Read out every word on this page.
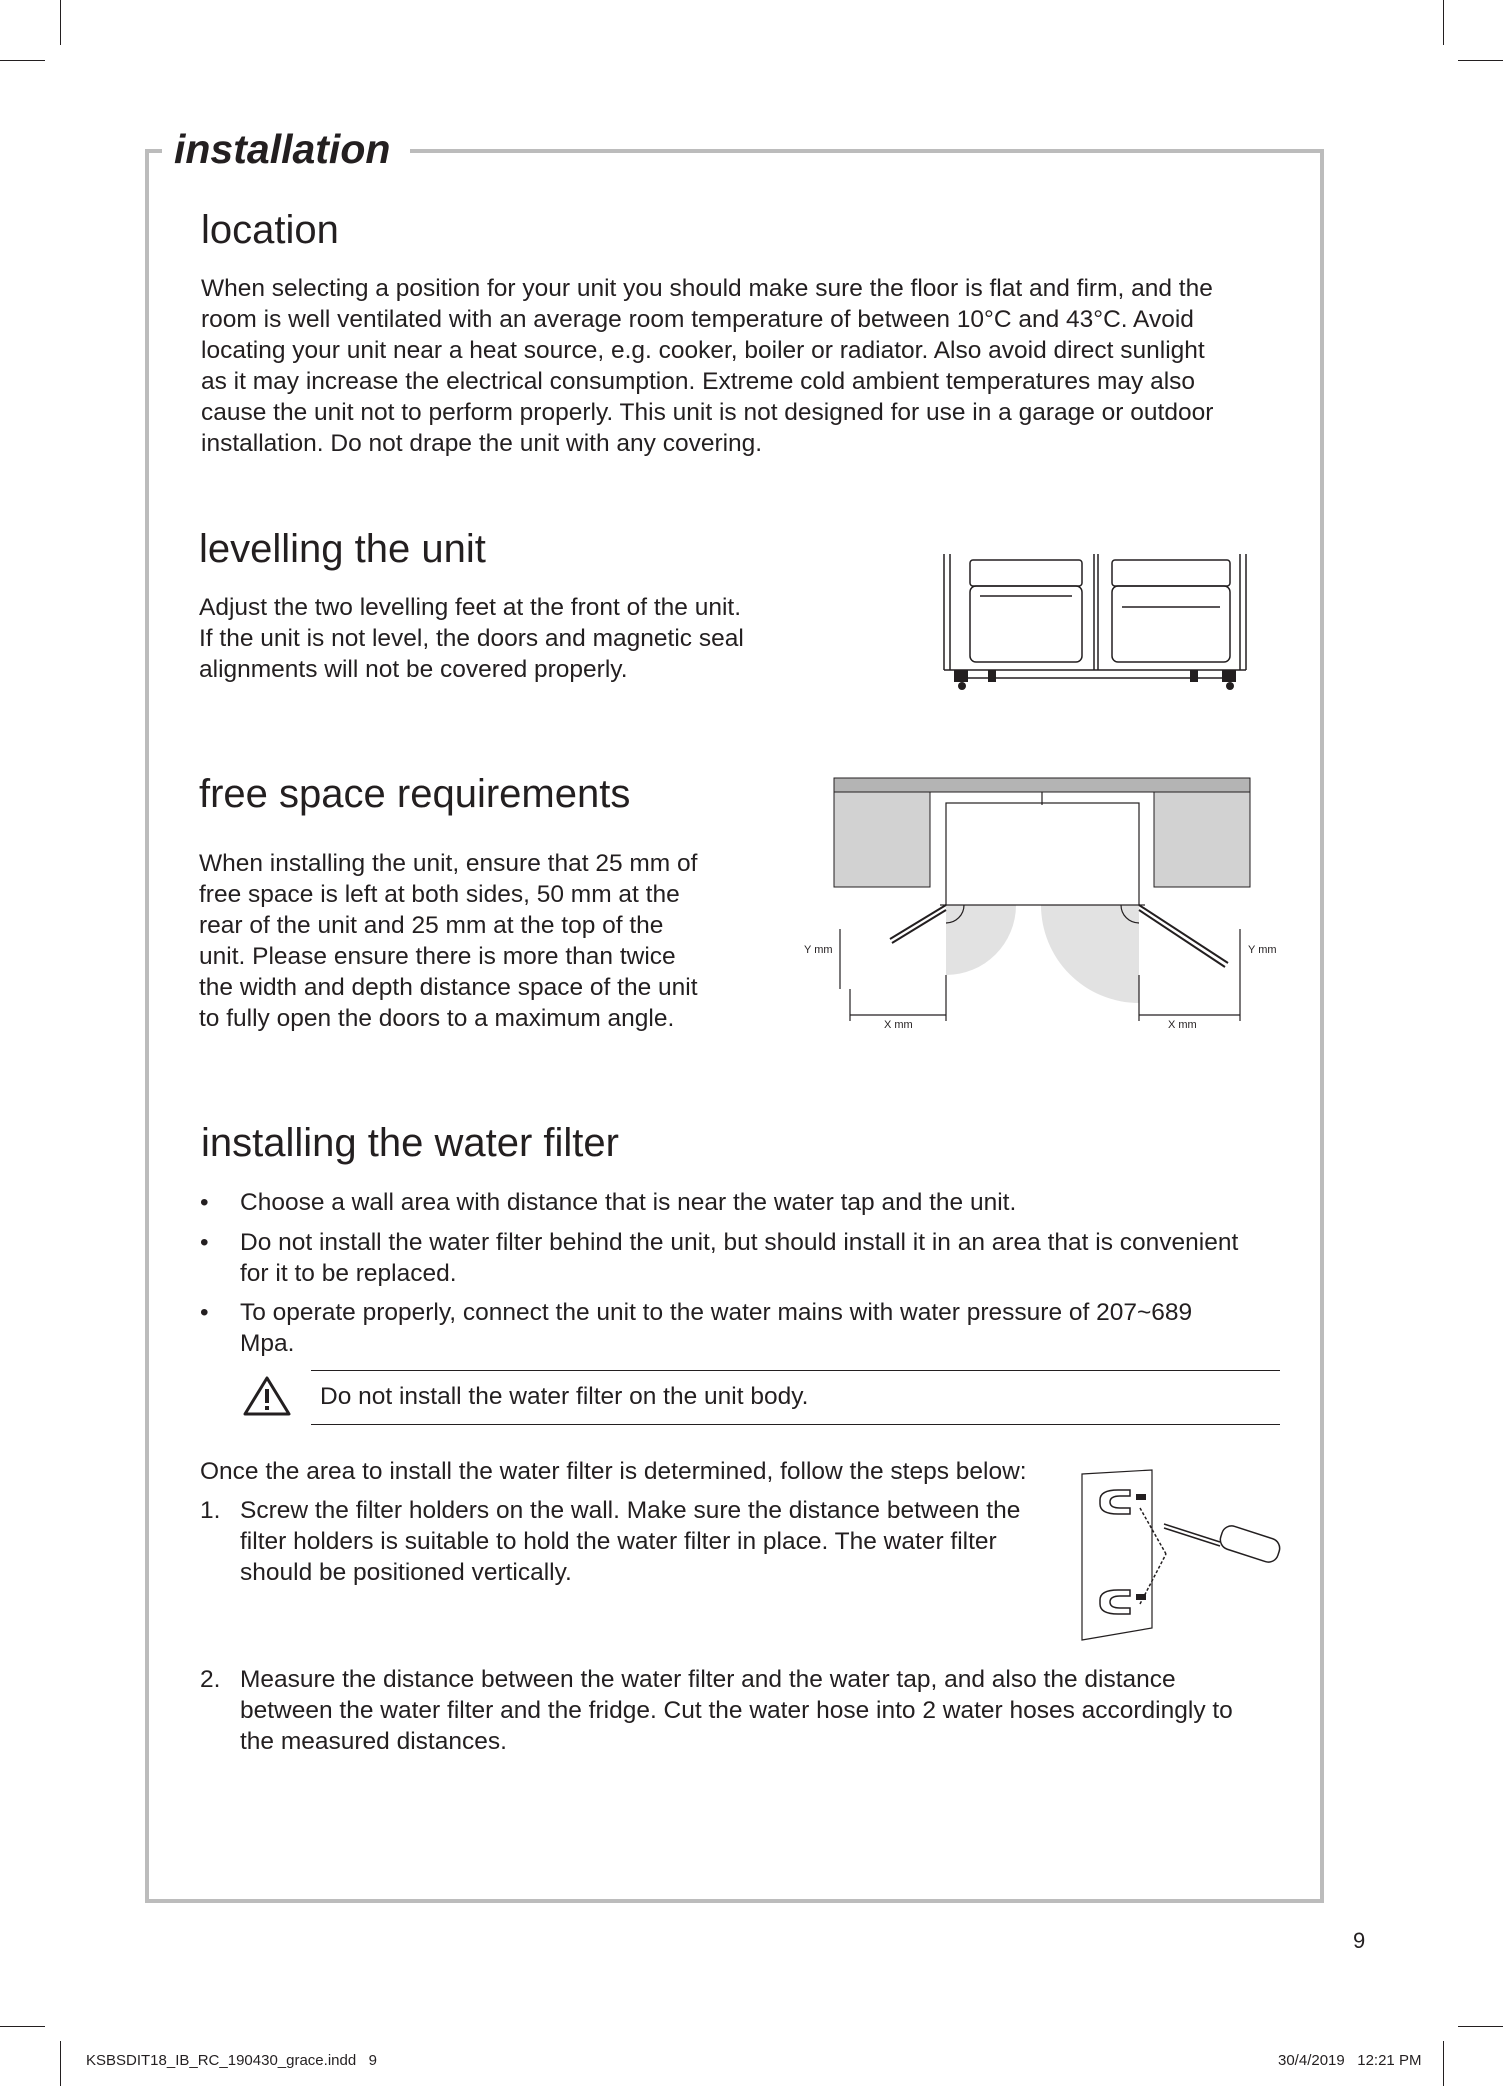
installation
location
When selecting a position for your unit you should make sure the floor is flat and firm, and the
room is well ventilated with an average room temperature of between 10°C and 43°C. Avoid
locating your unit near a heat source, e.g. cooker, boiler or radiator. Also avoid direct sunlight
as it may increase the electrical consumption. Extreme cold ambient temperatures may also
cause the unit not to perform properly. This unit is not designed for use in a garage or outdoor
installation. Do not drape the unit with any covering.
levelling the unit
Adjust the two levelling feet at the front of the unit.
If the unit is not level, the doors and magnetic seal
alignments will not be covered properly.
free space requirements
When installing the unit, ensure that 25 mm of
free space is left at both sides, 50 mm at the
rear of the unit and 25 mm at the top of the
unit. Please ensure there is more than twice
the width and depth distance space of the unit
to fully open the doors to a maximum angle.
Y mm	Y mm
X mm	X mm
installing the water filter
• Choose a wall area with distance that is near the water tap and the unit.
• Do not install the water filter behind the unit, but should install it in an area that is convenient
for it to be replaced.
• To operate properly, connect the unit to the water mains with water pressure of 207~689
Mpa.
Do not install the water filter on the unit body.
Once the area to install the water filter is determined, follow the steps below:
1. Screw the filter holders on the wall. Make sure the distance between the
filter holders is suitable to hold the water filter in place. The water filter
should be positioned vertically.
2. Measure the distance between the water filter and the water tap, and also the distance
between the water filter and the fridge. Cut the water hose into 2 water hoses accordingly to
the measured distances.
9
KSBSDIT18_IB_RC_190430_grace.indd   9	30/4/2019   12:21 PM
